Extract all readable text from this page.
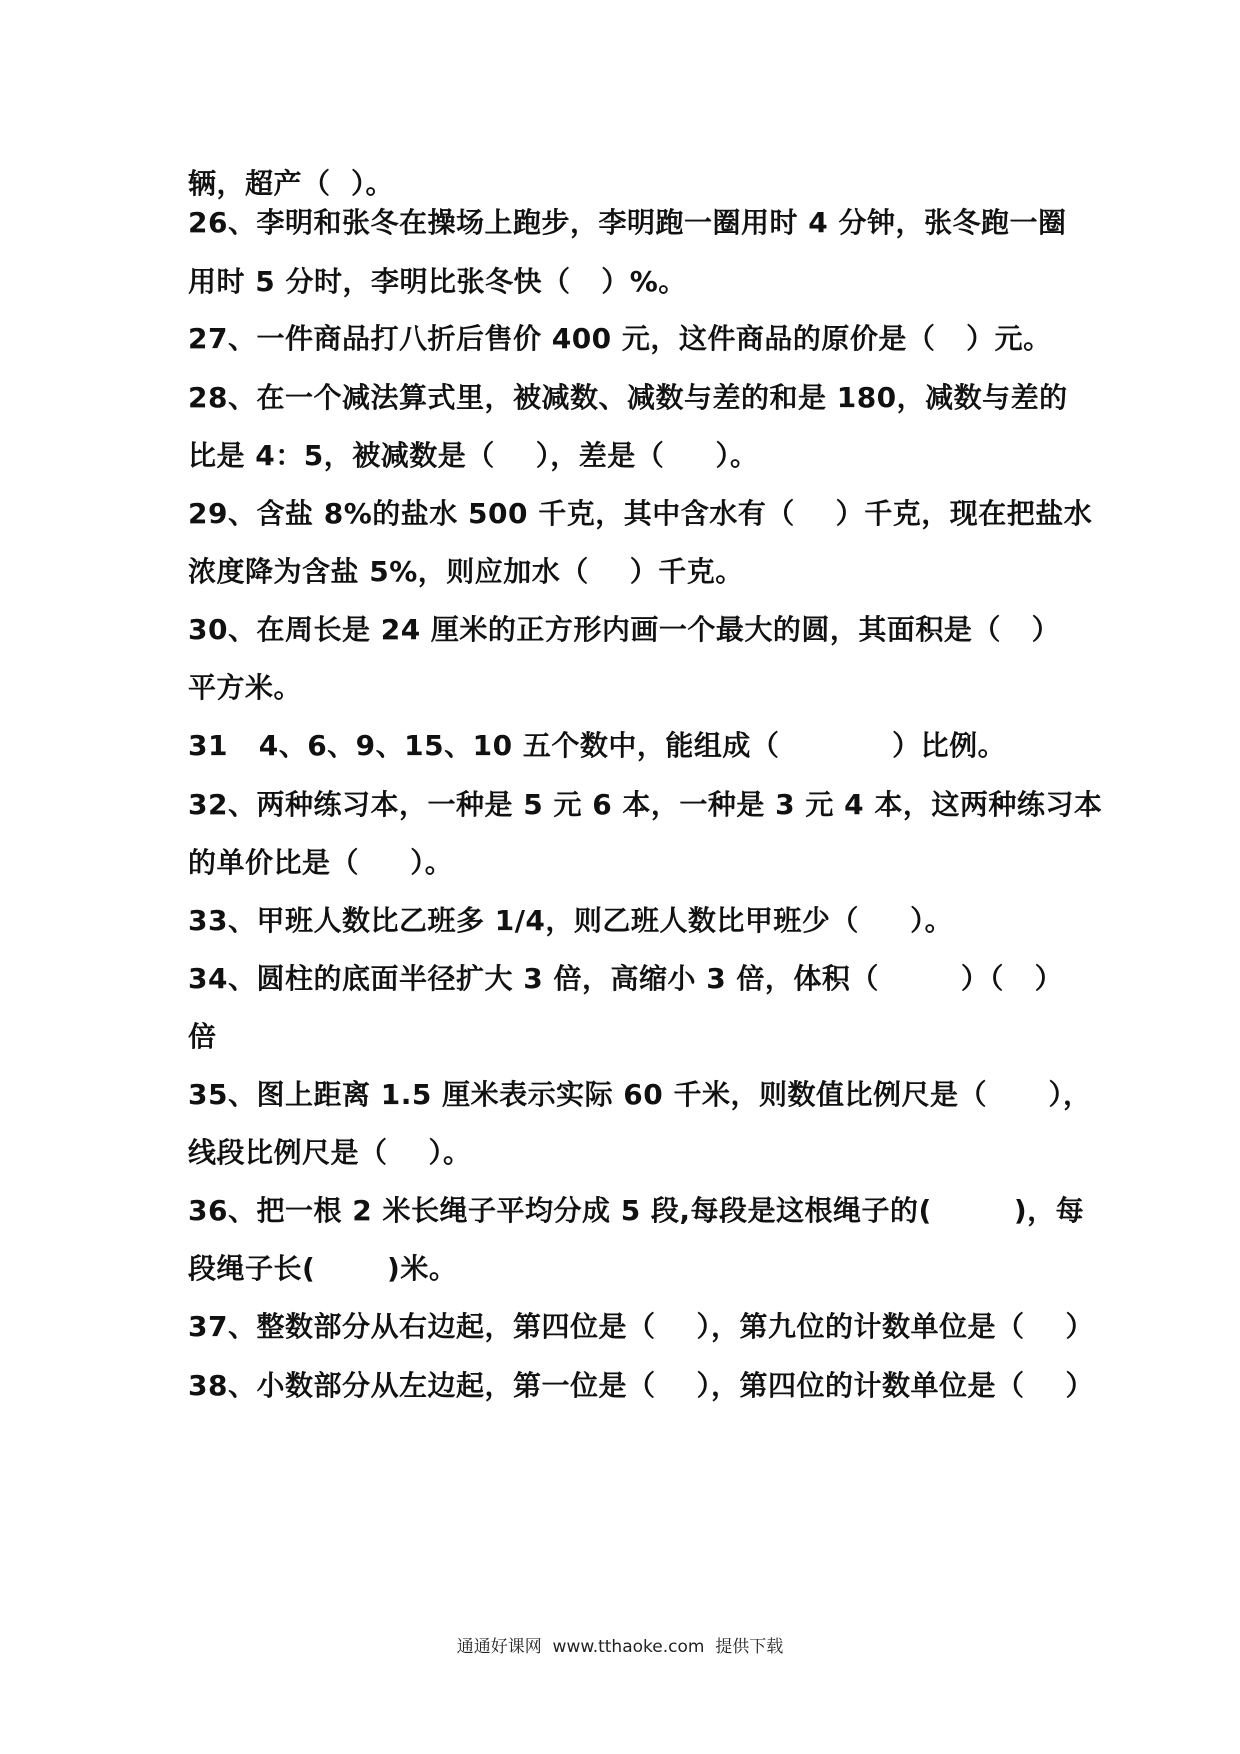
辆，超产（  ）。
26、李明和张冬在操场上跑步，李明跑一圈用时 4 分钟，张冬跑一圈
用时 5 分时，李明比张冬快（   ）%。
27、一件商品打八折后售价 400 元，这件商品的原价是（   ）元。
28、在一个减法算式里，被减数、减数与差的和是 180，减数与差的
比是 4：5，被减数是（    ），差是（     ）。
29、含盐 8%的盐水 500 千克，其中含水有（    ）千克，现在把盐水
浓度降为含盐 5%，则应加水（    ）千克。
30、在周长是 24 厘米的正方形内画一个最大的圆，其面积是（   ）
平方米。
31   4、6、9、15、10 五个数中，能组成（           ）比例。
32、两种练习本，一种是 5 元 6 本，一种是 3 元 4 本，这两种练习本
的单价比是（     ）。
33、甲班人数比乙班多 1/4，则乙班人数比甲班少（     ）。
34、圆柱的底面半径扩大 3 倍，高缩小 3 倍，体积（        ）（   ）
倍
35、图上距离 1.5 厘米表示实际 60 千米，则数值比例尺是（      ），
线段比例尺是（    ）。
36、把一根 2 米长绳子平均分成 5 段,每段是这根绳子的(        )，每
段绳子长(       )米。
37、整数部分从右边起，第四位是（    ），第九位的计数单位是（    ）
38、小数部分从左边起，第一位是（    ），第四位的计数单位是（    ）
通通好课网  www.tthaoke.com  提供下载
